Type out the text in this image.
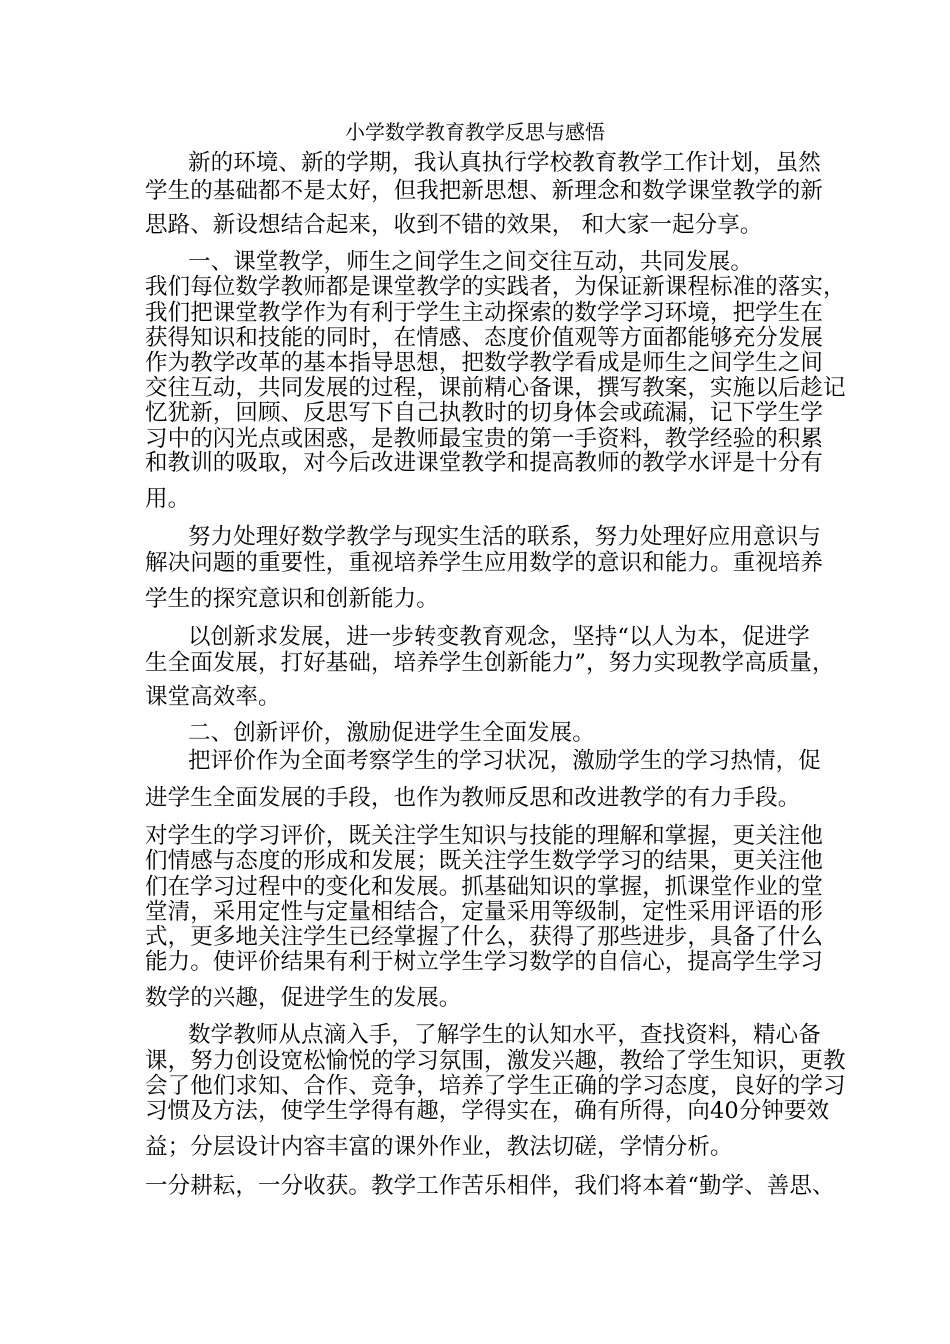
小学数学教育教学反思与感悟
新的环境、新的学期，我认真执行学校教育教学工作计划，虽然
学生的基础都不是太好，但我把新思想、新理念和数学课堂教学的新
思路、新设想结合起来，收到不错的效果， 和大家一起分享。
一、课堂教学，师生之间学生之间交往互动，共同发展。
我们每位数学教师都是课堂教学的实践者，为保证新课程标准的落实，
我们把课堂教学作为有利于学生主动探索的数学学习环境，把学生在
获得知识和技能的同时，在情感、态度价值观等方面都能够充分发展
作为教学改革的基本指导思想，把数学教学看成是师生之间学生之间
交往互动，共同发展的过程，课前精心备课，撰写教案，实施以后趁记
忆犹新，回顾、反思写下自己执教时的切身体会或疏漏，记下学生学
习中的闪光点或困惑，是教师最宝贵的第一手资料，教学经验的积累
和教训的吸取，对今后改进课堂教学和提高教师的教学水评是十分有
用。
努力处理好数学教学与现实生活的联系，努力处理好应用意识与
解决问题的重要性，重视培养学生应用数学的意识和能力。重视培养
学生的探究意识和创新能力。
以创新求发展，进一步转变教育观念，坚持“以人为本，促进学
生全面发展，打好基础，培养学生创新能力”，努力实现教学高质量，
课堂高效率。
二、创新评价，激励促进学生全面发展。
把评价作为全面考察学生的学习状况，激励学生的学习热情，促
进学生全面发展的手段，也作为教师反思和改进教学的有力手段。
对学生的学习评价，既关注学生知识与技能的理解和掌握，更关注他
们情感与态度的形成和发展；既关注学生数学学习的结果，更关注他
们在学习过程中的变化和发展。抓基础知识的掌握，抓课堂作业的堂
堂清，采用定性与定量相结合，定量采用等级制，定性采用评语的形
式，更多地关注学生已经掌握了什么，获得了那些进步，具备了什么
能力。使评价结果有利于树立学生学习数学的自信心，提高学生学习
数学的兴趣，促进学生的发展。
数学教师从点滴入手，了解学生的认知水平，查找资料，精心备
课，努力创设宽松愉悦的学习氛围，激发兴趣，教给了学生知识，更教
会了他们求知、合作、竞争，培养了学生正确的学习态度，良好的学习
习惯及方法，使学生学得有趣，学得实在，确有所得，向40分钟要效
益；分层设计内容丰富的课外作业，教法切磋，学情分析。
一分耕耘，一分收获。教学工作苦乐相伴，我们将本着“勤学、善思、
